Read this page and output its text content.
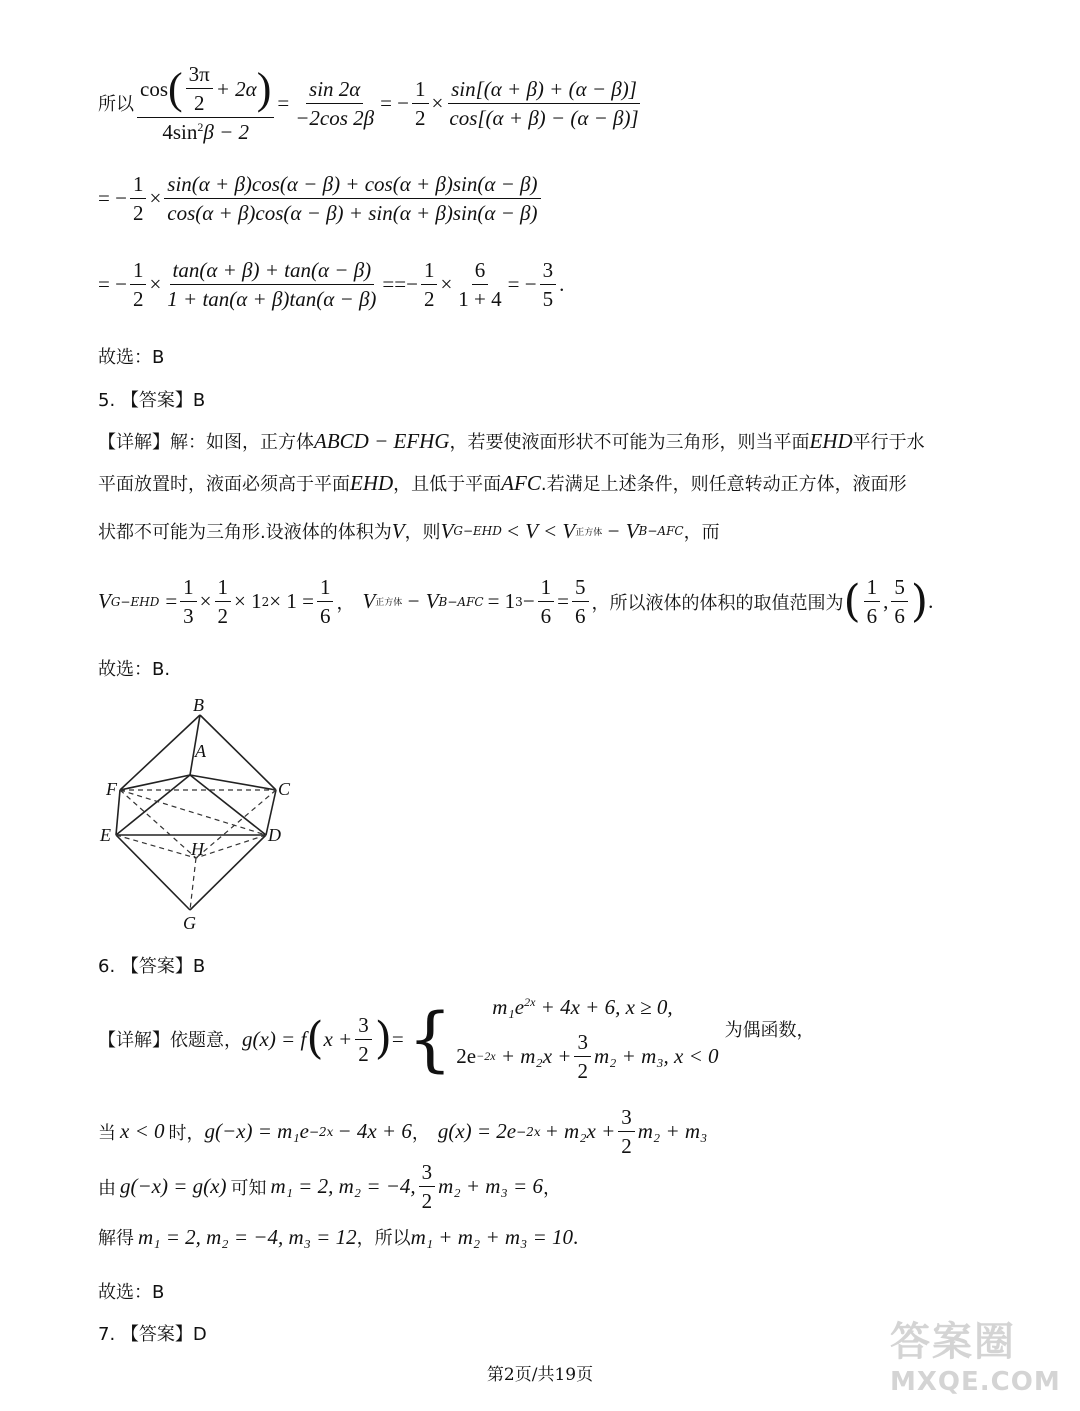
所以 $\frac{\cos ( \frac{3\pi}{2} + 2\alpha )}{4\sin^2\beta - 2} = \frac{\sin 2\alpha}{-2\cos 2\beta}$ = − $\frac{1}{2} \times \frac{\sin[(\alpha + \beta) + (\alpha - \beta)]}{\cos[(\alpha + \beta) - (\alpha - \beta)]}$
= − $\frac{1}{2} \times \frac{\sin(\alpha + \beta)\cos(\alpha - \beta) + \cos(\alpha + \beta)\sin(\alpha - \beta)}{\cos(\alpha + \beta)\cos(\alpha - \beta) + \sin(\alpha + \beta)\sin(\alpha - \beta)}$
= − $\frac{1}{2} \times \frac{\tan(\alpha + \beta) + \tan(\alpha - \beta)}{1 + \tan(\alpha + \beta)\tan(\alpha - \beta)}$ == − $\frac{1}{2} \times \frac{6}{1 + 4}$ = − $\frac{3}{5}$ .
故选：B
5. 【答案】B
【详解】解：如图，正方体 ABCD − EFHG ，若要使液面形状不可能为三角形，则当平面 EHD 平行于水
平面放置时，液面必须高于平面 EHD ，且低于平面 AFC .若满足上述条件，则任意转动正方体，液面形
状都不可能为三角形.设液体的体积为 V ，则 V G−EHD < V < V 正方体 − V B−AFC ，而
V $G-EHD = \frac{1}{3} \times \frac{1}{2} \times 1$ $2 \times 1 = \frac{1}{6}$ ， V 正方体 − V B−AFC = 1 $3 - \frac{1}{6} = \frac{5}{6}$ ，所以液体的体积的取值范围为 ( $\frac{1}{6}$ , $\frac{5}{6}$ ) .
故选：B.
B
A
F	C
E	D
H
G
6. 【答案】B
【详解】依题意， g(x) = f ( $x + \frac{3}{2}$ ) = {	$m_1e^{2x} + 4x + 6$, x ≥ 0,
2e −2x
+ $m_2x + \frac{3}{2} m_2 + m_3$, x < 0
为偶函数，
当 x < 0 时， g(−x) = m₁e −2x − 4x + 6 ， $g(x) = 2e -2x + m_2x + \frac{3}{2} m_2 + m_3$
由 g(−x) = g(x) 可知 m₁ = 2, m₂ = −4, $\frac{3}{2} m_2 + m_3 = 6$ ，
解得 m₁ = 2, m₂ = −4, m₃ = 12 ，所以 m₁ + m₂ + m₃ = 10 .
故选：B
7. 【答案】D
第2页/共19页
答案圈
MXQE.COM
